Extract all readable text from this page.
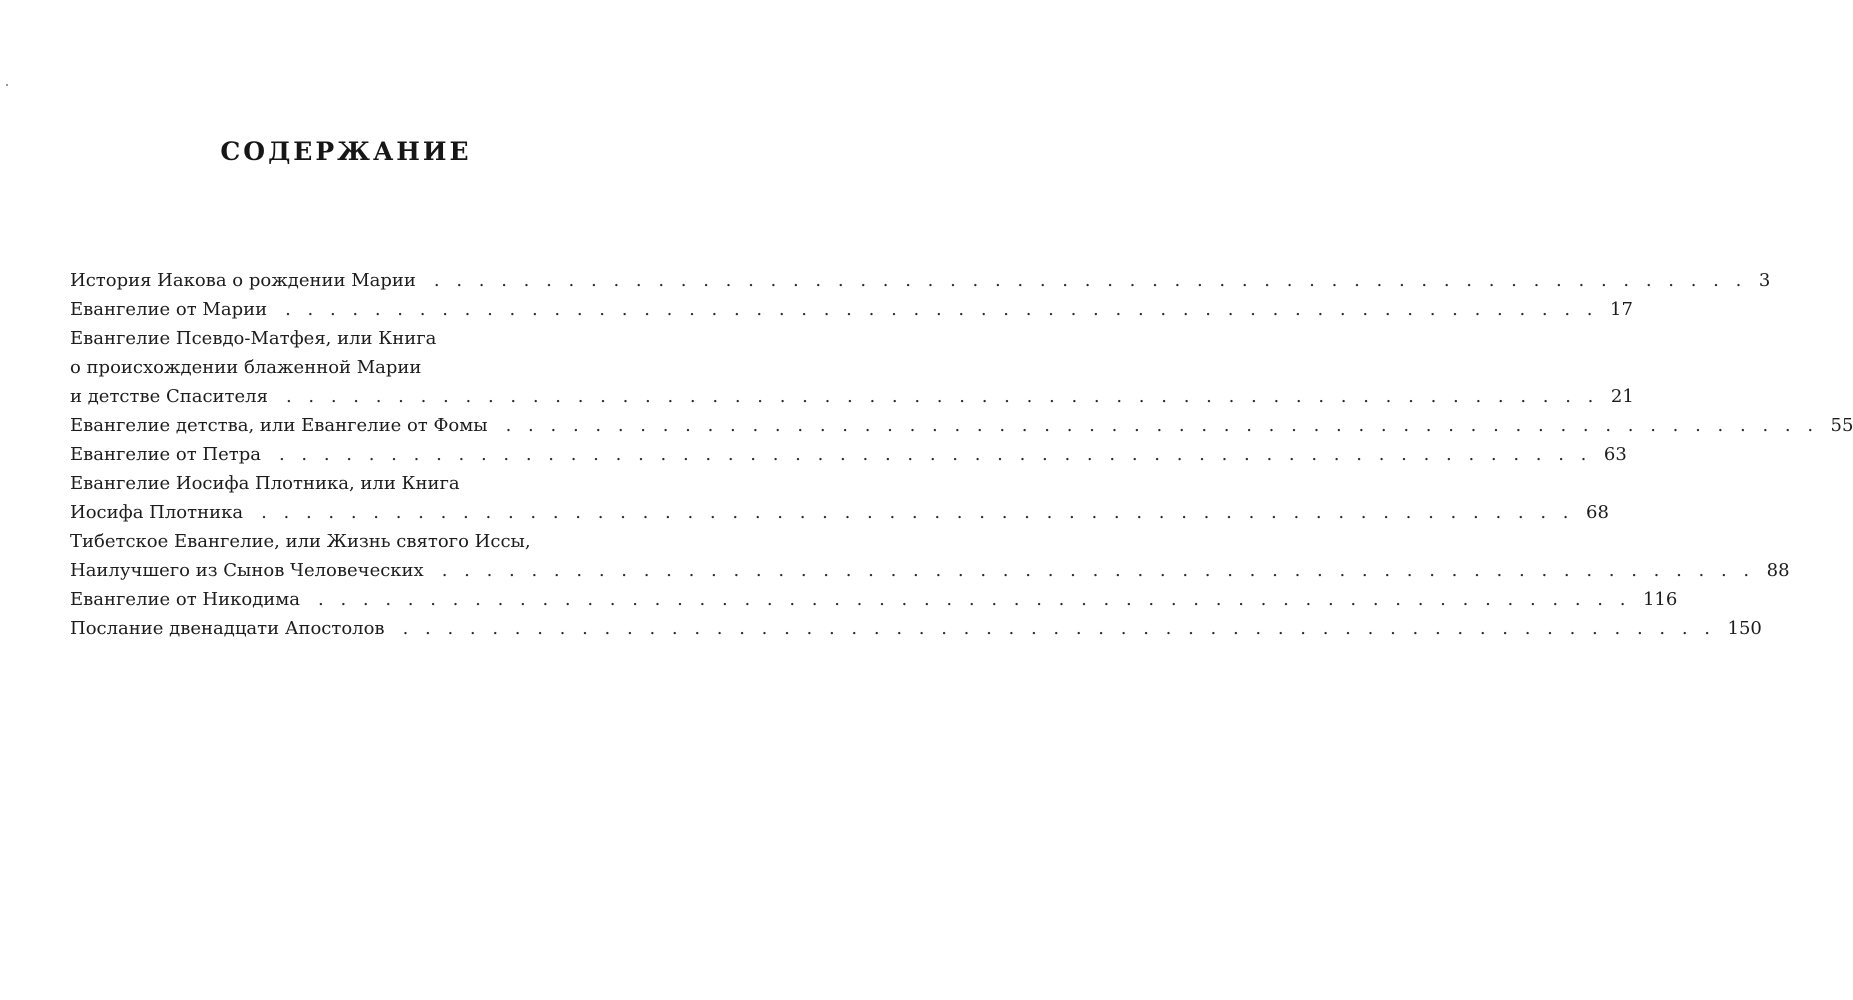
СОДЕРЖАНИЕ
История Иакова о рождении Марии . . . . . . . . . . . . . . . . . . . . . . . . . . . . . . . . . . . . . . . . . . . . . . . . . . . . . . . . . . . 3
Евангелие от Марии . . . . . . . . . . . . . . . . . . . . . . . . . . . . . . . . . . . . . . . . . . . . . . . . . . . . . . . . . . . 17
Евангелие Псевдо-Матфея, или Книга
о происхождении блаженной Марии
и детстве Спасителя . . . . . . . . . . . . . . . . . . . . . . . . . . . . . . . . . . . . . . . . . . . . . . . . . . . . . . . . . . . 21
Евангелие детства, или Евангелие от Фомы . . . . . . . . . . . . . . . . . . . . . . . . . . . . . . . . . . . . . . . . . . . . . . . . . . . . . . . . . . . 55
Евангелие от Петра . . . . . . . . . . . . . . . . . . . . . . . . . . . . . . . . . . . . . . . . . . . . . . . . . . . . . . . . . . . 63
Евангелие Иосифа Плотника, или Книга
Иосифа Плотника . . . . . . . . . . . . . . . . . . . . . . . . . . . . . . . . . . . . . . . . . . . . . . . . . . . . . . . . . . . 68
Тибетское Евангелие, или Жизнь святого Иссы,
Наилучшего из Сынов Человеческих . . . . . . . . . . . . . . . . . . . . . . . . . . . . . . . . . . . . . . . . . . . . . . . . . . . . . . . . . . . 88
Евангелие от Никодима . . . . . . . . . . . . . . . . . . . . . . . . . . . . . . . . . . . . . . . . . . . . . . . . . . . . . . . . . . . 116
Послание двенадцати Апостолов . . . . . . . . . . . . . . . . . . . . . . . . . . . . . . . . . . . . . . . . . . . . . . . . . . . . . . . . . . . 150
